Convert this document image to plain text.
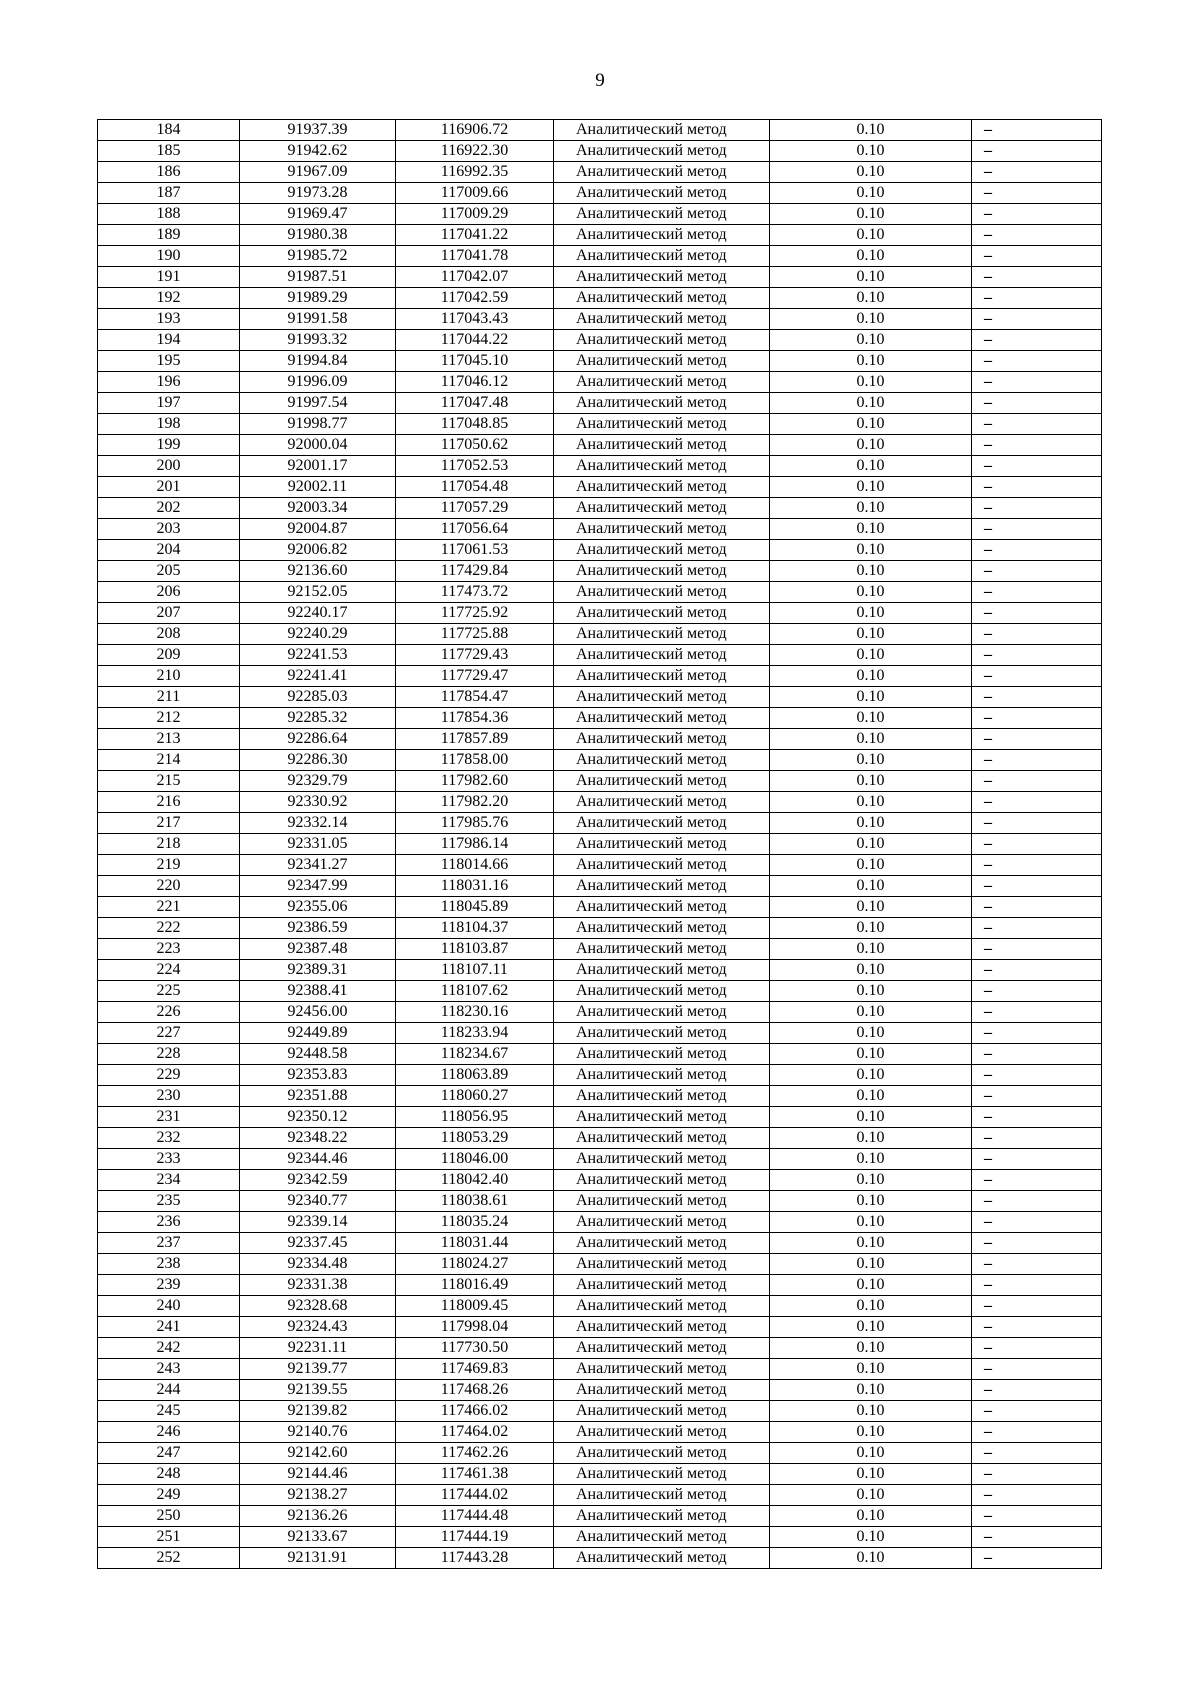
9
184	91937.39	116906.72	Аналитический метод	0.10	–
185	91942.62	116922.30	Аналитический метод	0.10	–
186	91967.09	116992.35	Аналитический метод	0.10	–
187	91973.28	117009.66	Аналитический метод	0.10	–
188	91969.47	117009.29	Аналитический метод	0.10	–
189	91980.38	117041.22	Аналитический метод	0.10	–
190	91985.72	117041.78	Аналитический метод	0.10	–
191	91987.51	117042.07	Аналитический метод	0.10	–
192	91989.29	117042.59	Аналитический метод	0.10	–
193	91991.58	117043.43	Аналитический метод	0.10	–
194	91993.32	117044.22	Аналитический метод	0.10	–
195	91994.84	117045.10	Аналитический метод	0.10	–
196	91996.09	117046.12	Аналитический метод	0.10	–
197	91997.54	117047.48	Аналитический метод	0.10	–
198	91998.77	117048.85	Аналитический метод	0.10	–
199	92000.04	117050.62	Аналитический метод	0.10	–
200	92001.17	117052.53	Аналитический метод	0.10	–
201	92002.11	117054.48	Аналитический метод	0.10	–
202	92003.34	117057.29	Аналитический метод	0.10	–
203	92004.87	117056.64	Аналитический метод	0.10	–
204	92006.82	117061.53	Аналитический метод	0.10	–
205	92136.60	117429.84	Аналитический метод	0.10	–
206	92152.05	117473.72	Аналитический метод	0.10	–
207	92240.17	117725.92	Аналитический метод	0.10	–
208	92240.29	117725.88	Аналитический метод	0.10	–
209	92241.53	117729.43	Аналитический метод	0.10	–
210	92241.41	117729.47	Аналитический метод	0.10	–
211	92285.03	117854.47	Аналитический метод	0.10	–
212	92285.32	117854.36	Аналитический метод	0.10	–
213	92286.64	117857.89	Аналитический метод	0.10	–
214	92286.30	117858.00	Аналитический метод	0.10	–
215	92329.79	117982.60	Аналитический метод	0.10	–
216	92330.92	117982.20	Аналитический метод	0.10	–
217	92332.14	117985.76	Аналитический метод	0.10	–
218	92331.05	117986.14	Аналитический метод	0.10	–
219	92341.27	118014.66	Аналитический метод	0.10	–
220	92347.99	118031.16	Аналитический метод	0.10	–
221	92355.06	118045.89	Аналитический метод	0.10	–
222	92386.59	118104.37	Аналитический метод	0.10	–
223	92387.48	118103.87	Аналитический метод	0.10	–
224	92389.31	118107.11	Аналитический метод	0.10	–
225	92388.41	118107.62	Аналитический метод	0.10	–
226	92456.00	118230.16	Аналитический метод	0.10	–
227	92449.89	118233.94	Аналитический метод	0.10	–
228	92448.58	118234.67	Аналитический метод	0.10	–
229	92353.83	118063.89	Аналитический метод	0.10	–
230	92351.88	118060.27	Аналитический метод	0.10	–
231	92350.12	118056.95	Аналитический метод	0.10	–
232	92348.22	118053.29	Аналитический метод	0.10	–
233	92344.46	118046.00	Аналитический метод	0.10	–
234	92342.59	118042.40	Аналитический метод	0.10	–
235	92340.77	118038.61	Аналитический метод	0.10	–
236	92339.14	118035.24	Аналитический метод	0.10	–
237	92337.45	118031.44	Аналитический метод	0.10	–
238	92334.48	118024.27	Аналитический метод	0.10	–
239	92331.38	118016.49	Аналитический метод	0.10	–
240	92328.68	118009.45	Аналитический метод	0.10	–
241	92324.43	117998.04	Аналитический метод	0.10	–
242	92231.11	117730.50	Аналитический метод	0.10	–
243	92139.77	117469.83	Аналитический метод	0.10	–
244	92139.55	117468.26	Аналитический метод	0.10	–
245	92139.82	117466.02	Аналитический метод	0.10	–
246	92140.76	117464.02	Аналитический метод	0.10	–
247	92142.60	117462.26	Аналитический метод	0.10	–
248	92144.46	117461.38	Аналитический метод	0.10	–
249	92138.27	117444.02	Аналитический метод	0.10	–
250	92136.26	117444.48	Аналитический метод	0.10	–
251	92133.67	117444.19	Аналитический метод	0.10	–
252	92131.91	117443.28	Аналитический метод	0.10	–
